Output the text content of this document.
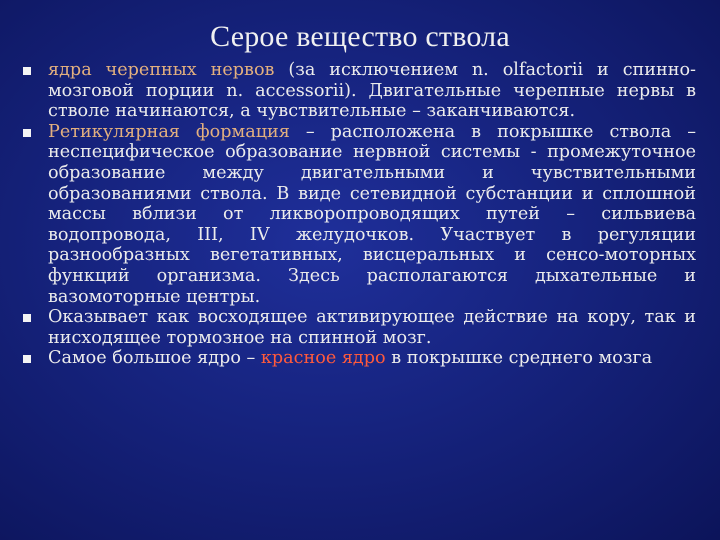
Серое вещество ствола
ядра черепных нервов (за исключением n. olfactorii и спинно-мозговой порции n. accessorii). Двигательные черепные нервы в стволе начинаются, а чувствительные – заканчиваются.
Ретикулярная формация – расположена в покрышке ствола – неспецифическое образование нервной системы - промежуточное образование между двигательными и чувствительными образованиями ствола. В виде сетевидной субстанции и сплошной массы вблизи от ликворопроводящих путей – сильвиева водопровода, III, IV желудочков. Участвует в регуляции разнообразных вегетативных, висцеральных и сенсо-моторных функций организма. Здесь располагаются дыхательные и вазомоторные центры.
Оказывает как восходящее активирующее действие на кору, так и нисходящее тормозное на спинной мозг.
Самое большое ядро – красное ядро в покрышке среднего мозга
